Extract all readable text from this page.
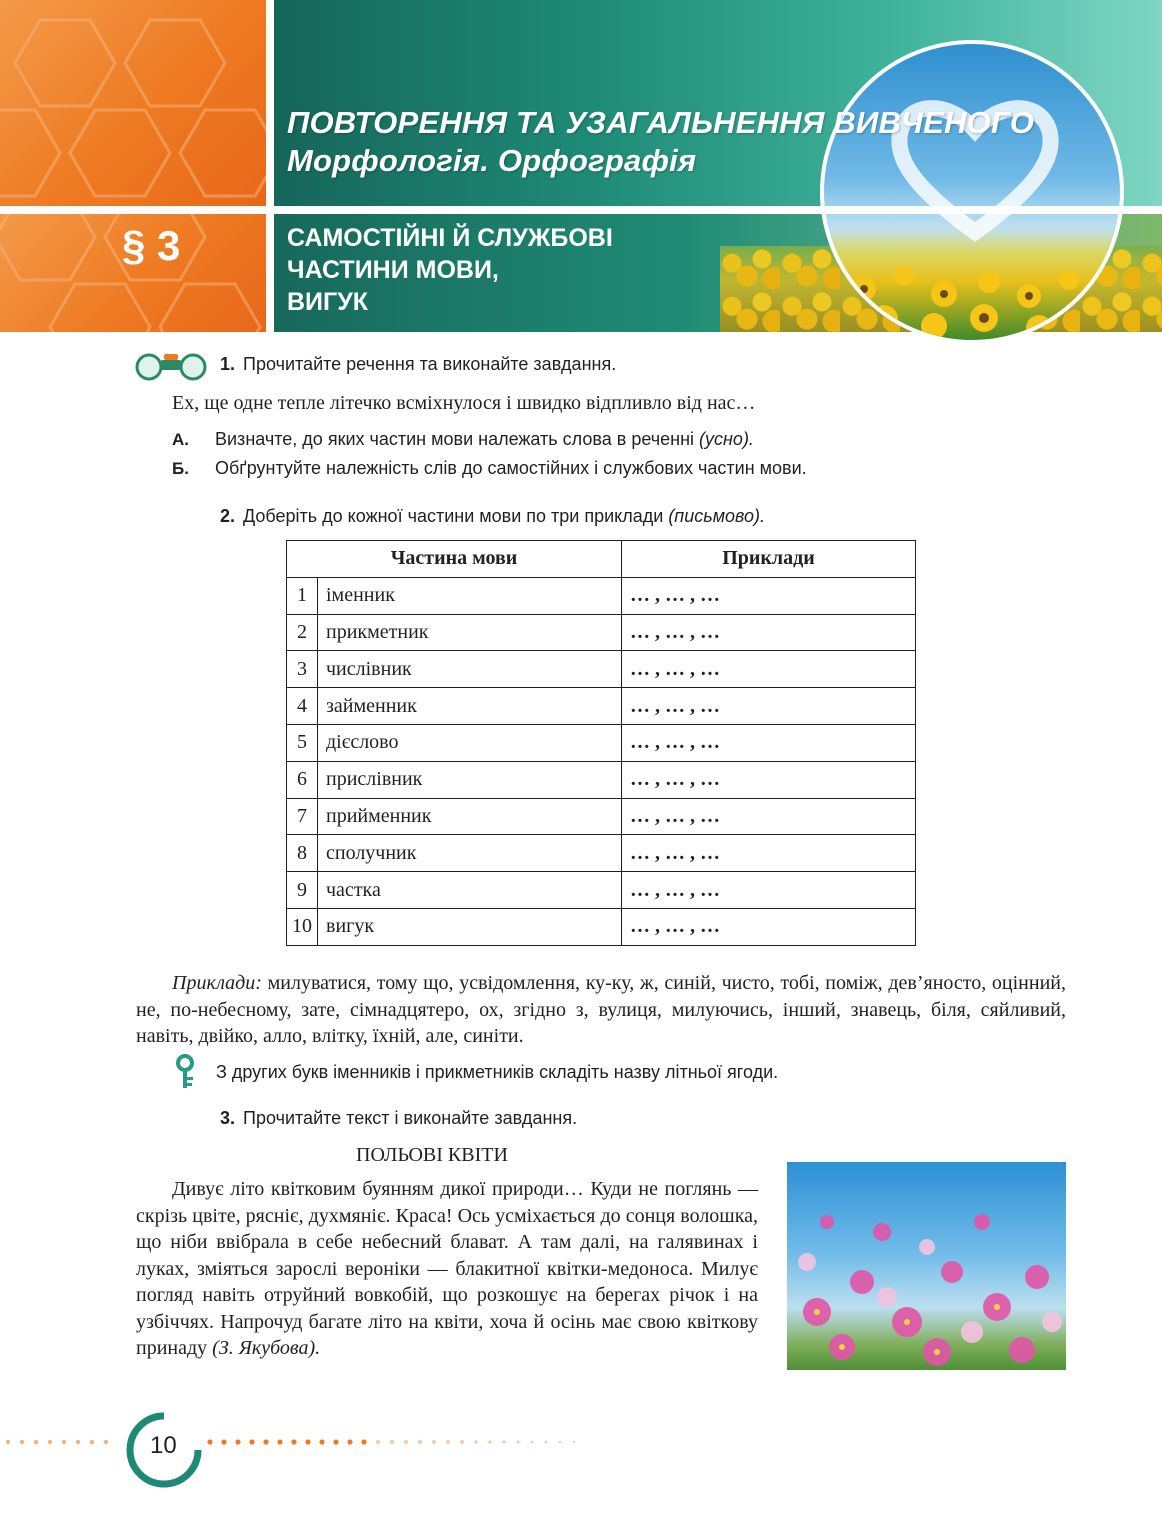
ПОВТОРЕННЯ ТА УЗАГАЛЬНЕННЯ ВИВЧЕНОГО
Морфологія. Орфографія
§ 3	САМОСТІЙНІ Й СЛУЖБОВІ
ЧАСТИНИ МОВИ,
ВИГУК
1. Прочитайте речення та виконайте завдання.
Ех, ще одне тепле літечко всміхнулося і швидко відпливло від нас…
А. Визначте, до яких частин мови належать слова в реченні (усно).
Б. Обґрунтуйте належність слів до самостійних і службових частин мови.
2. Доберіть до кожної частини мови по три приклади (письмово).
Частина мови		Приклади
1	іменник	… , … , …
2	прикметник	… , … , …
3	числівник	… , … , …
4	займенник	… , … , …
5	дієслово	… , … , …
6	прислівник	… , … , …
7	прийменник	… , … , …
8	сполучник	… , … , …
9	частка	… , … , …
10	вигук	… , … , …

Приклади: милуватися, тому що, усвідомлення, ку-ку, ж, синій, чисто, тобі, поміж, дев’яносто, оцінний, не, по-небесному, зате, сімнадцятеро, ох, згідно з, вулиця, милуючись, інший, знавець, біля, сяйливий, навіть, двійко, алло, влітку, їхній, але, синіти.

З других букв іменників і прикметників складіть назву літньої ягоди.
3. Прочитайте текст і виконайте завдання.
ПОЛЬОВІ КВІТИ

Дивує літо квітковим буянням дикої природи… Куди не поглянь — скрізь цвіте, рясніє, духмяніє. Краса! Ось усміхається до сонця волошка, що ніби ввібрала в себе небесний блават. А там далі, на галявинах і луках, зміяться зарослі вероніки — блакитної квітки-медоноса. Милує погляд навіть отруйний вовкобій, що розкошує на берегах річок і на узбіччях. Напрочуд багате літо на квіти, хоча й осінь має свою квіткову принаду (З. Якубова).

10
